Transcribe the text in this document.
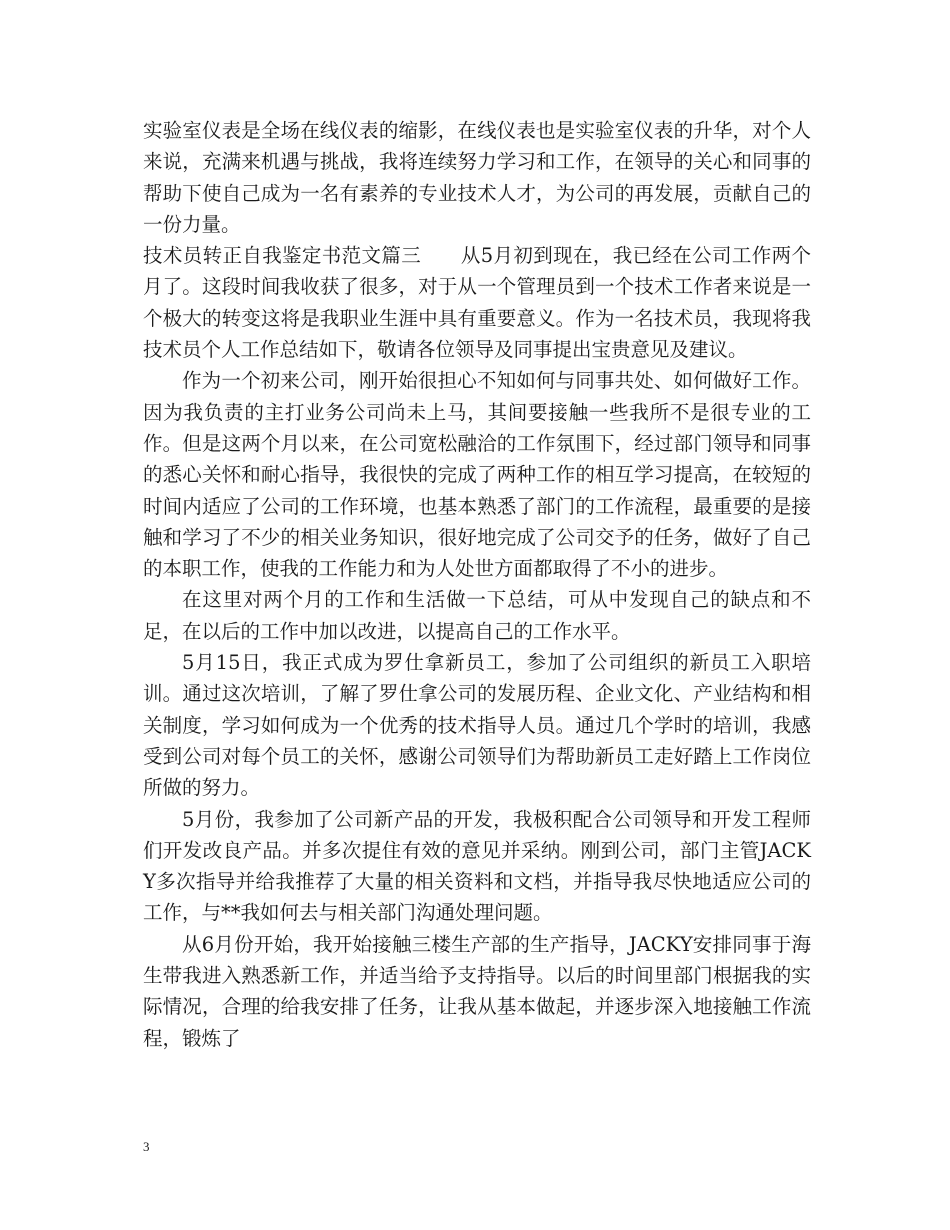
实验室仪表是全场在线仪表的缩影，在线仪表也是实验室仪表的升华，对个人来说，充满来机遇与挑战，我将连续努力学习和工作，在领导的关心和同事的帮助下使自己成为一名有素养的专业技术人才，为公司的再发展，贡献自己的一份力量。

技术员转正自我鉴定书范文篇三　　从5月初到现在，我已经在公司工作两个月了。这段时间我收获了很多，对于从一个管理员到一个技术工作者来说是一个极大的转变这将是我职业生涯中具有重要意义。作为一名技术员，我现将我技术员个人工作总结如下，敬请各位领导及同事提出宝贵意见及建议。

作为一个初来公司，刚开始很担心不知如何与同事共处、如何做好工作。因为我负责的主打业务公司尚未上马，其间要接触一些我所不是很专业的工作。但是这两个月以来，在公司宽松融洽的工作氛围下，经过部门领导和同事的悉心关怀和耐心指导，我很快的完成了两种工作的相互学习提高，在较短的时间内适应了公司的工作环境，也基本熟悉了部门的工作流程，最重要的是接触和学习了不少的相关业务知识，很好地完成了公司交予的任务，做好了自己的本职工作，使我的工作能力和为人处世方面都取得了不小的进步。

在这里对两个月的工作和生活做一下总结，可从中发现自己的缺点和不足，在以后的工作中加以改进，以提高自己的工作水平。

5月15日，我正式成为罗仕拿新员工，参加了公司组织的新员工入职培训。通过这次培训，了解了罗仕拿公司的发展历程、企业文化、产业结构和相关制度，学习如何成为一个优秀的技术指导人员。通过几个学时的培训，我感受到公司对每个员工的关怀，感谢公司领导们为帮助新员工走好踏上工作岗位所做的努力。

5月份，我参加了公司新产品的开发，我极积配合公司领导和开发工程师们开发改良产品。并多次提住有效的意见并采纳。刚到公司，部门主管JACKY多次指导并给我推荐了大量的相关资料和文档，并指导我尽快地适应公司的工作，与**我如何去与相关部门沟通处理问题。

从6月份开始，我开始接触三楼生产部的生产指导，JACKY安排同事于海生带我进入熟悉新工作，并适当给予支持指导。以后的时间里部门根据我的实际情况，合理的给我安排了任务，让我从基本做起，并逐步深入地接触工作流程，锻炼了

3
